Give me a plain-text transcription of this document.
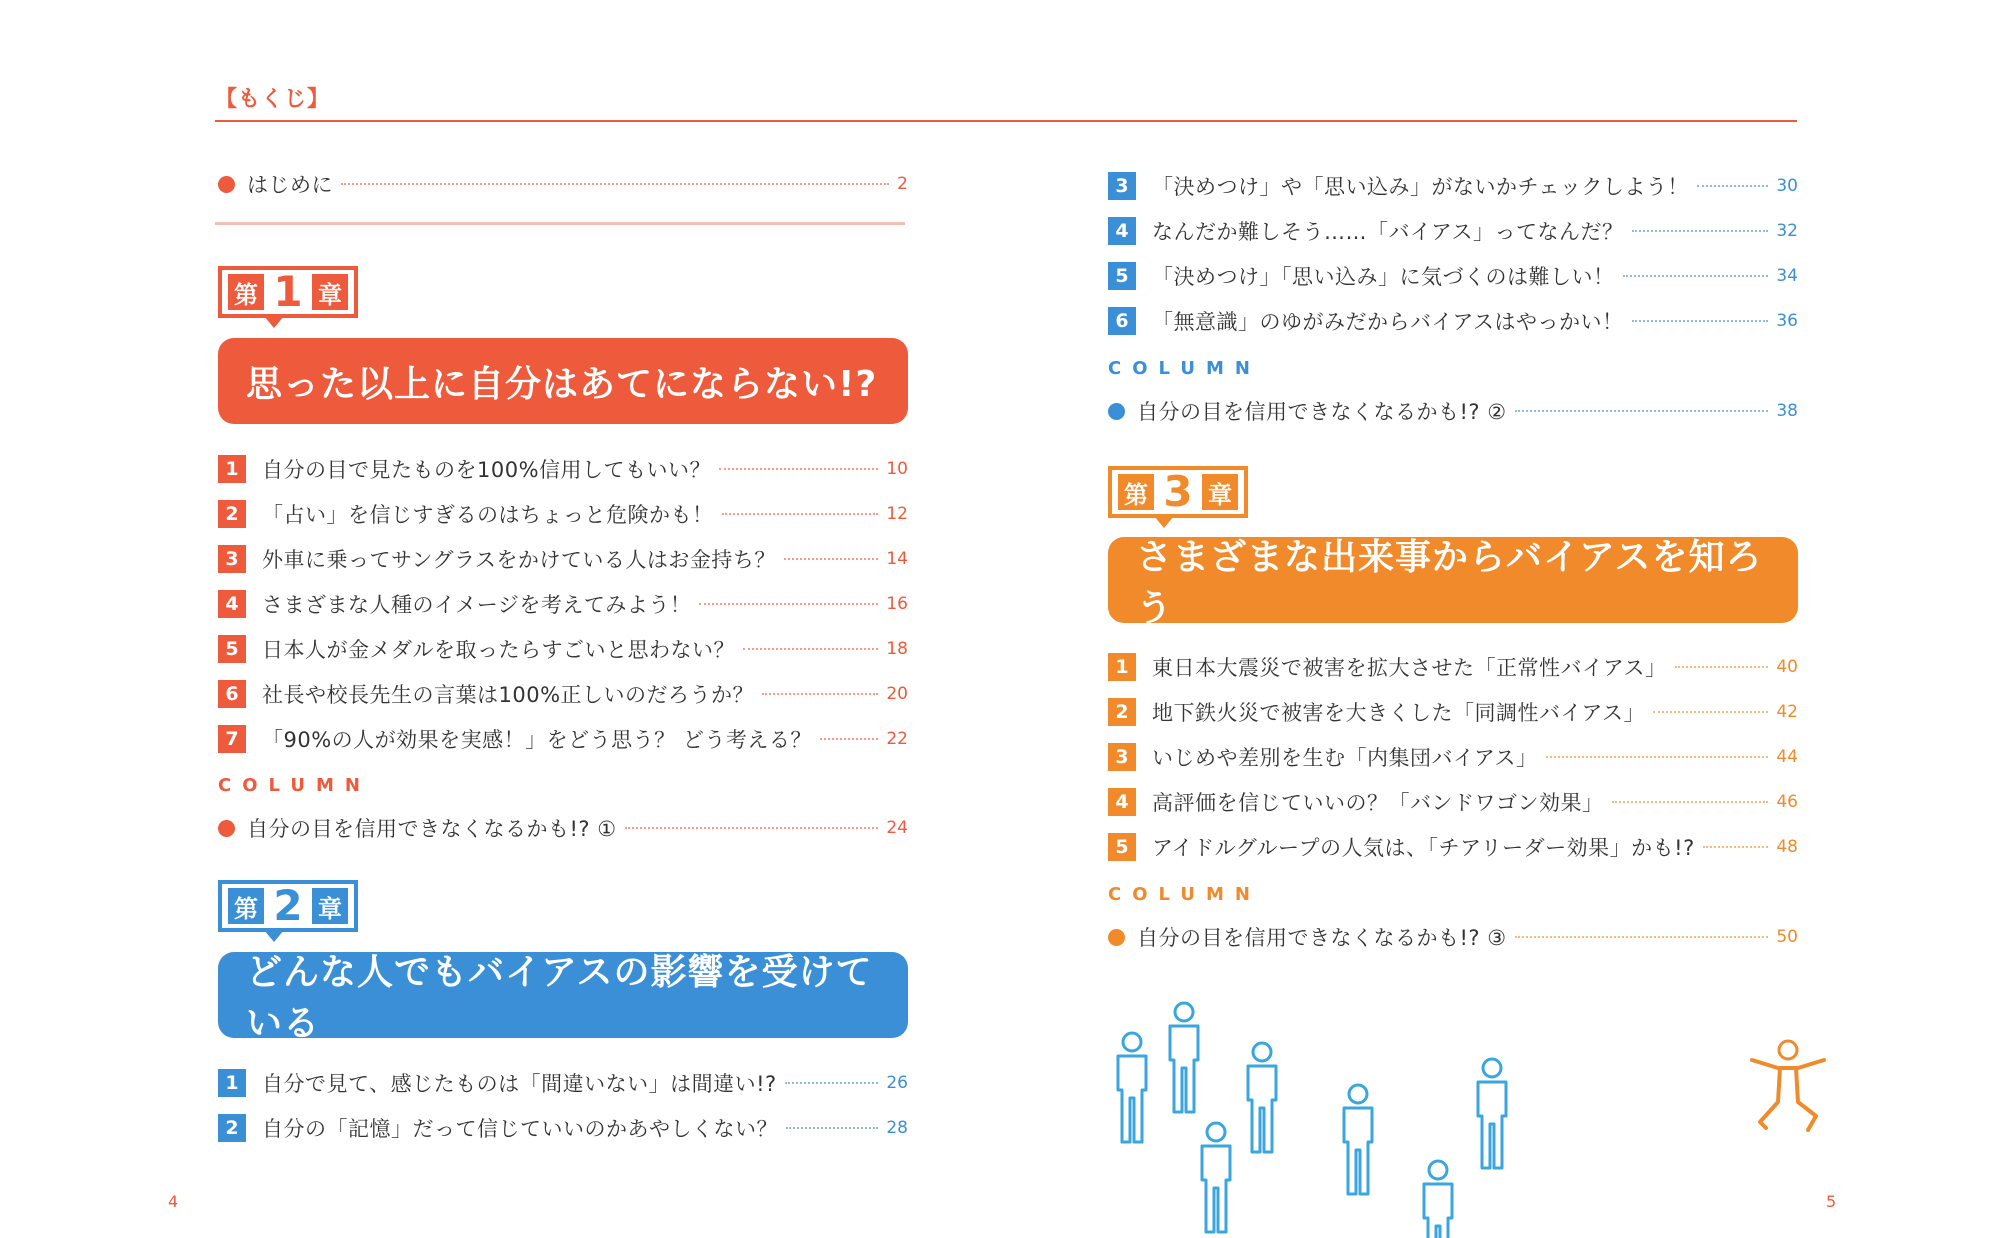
【もくじ】
はじめに	2
第 1 章
思った以上に自分はあてにならない!?
1	自分の目で見たものを100%信用してもいい？	10
2	「占い」を信じすぎるのはちょっと危険かも！	12
3	外車に乗ってサングラスをかけている人はお金持ち？	14
4	さまざまな人種のイメージを考えてみよう！	16
5	日本人が金メダルを取ったらすごいと思わない？	18
6	社長や校長先生の言葉は100%正しいのだろうか？	20
7	「90%の人が効果を実感！」をどう思う？ どう考える？	22
COLUMN
自分の目を信用できなくなるかも!? ①	24
第 2 章
どんな人でもバイアスの影響を受けている
1	自分で見て、感じたものは「間違いない」は間違い!?	26
2	自分の「記憶」だって信じていいのかあやしくない？	28
3	「決めつけ」や「思い込み」がないかチェックしよう！	30
4	なんだか難しそう……「バイアス」ってなんだ？	32
5	「決めつけ」「思い込み」に気づくのは難しい！	34
6	「無意識」のゆがみだからバイアスはやっかい！	36
COLUMN
自分の目を信用できなくなるかも!? ②	38
第 3 章
さまざまな出来事からバイアスを知ろう
1	東日本大震災で被害を拡大させた「正常性バイアス」	40
2	地下鉄火災で被害を大きくした「同調性バイアス」	42
3	いじめや差別を生む「内集団バイアス」	44
4	高評価を信じていいの？「バンドワゴン効果」	46
5	アイドルグループの人気は、「チアリーダー効果」かも!?	48
COLUMN
自分の目を信用できなくなるかも!? ③	50
4	5
